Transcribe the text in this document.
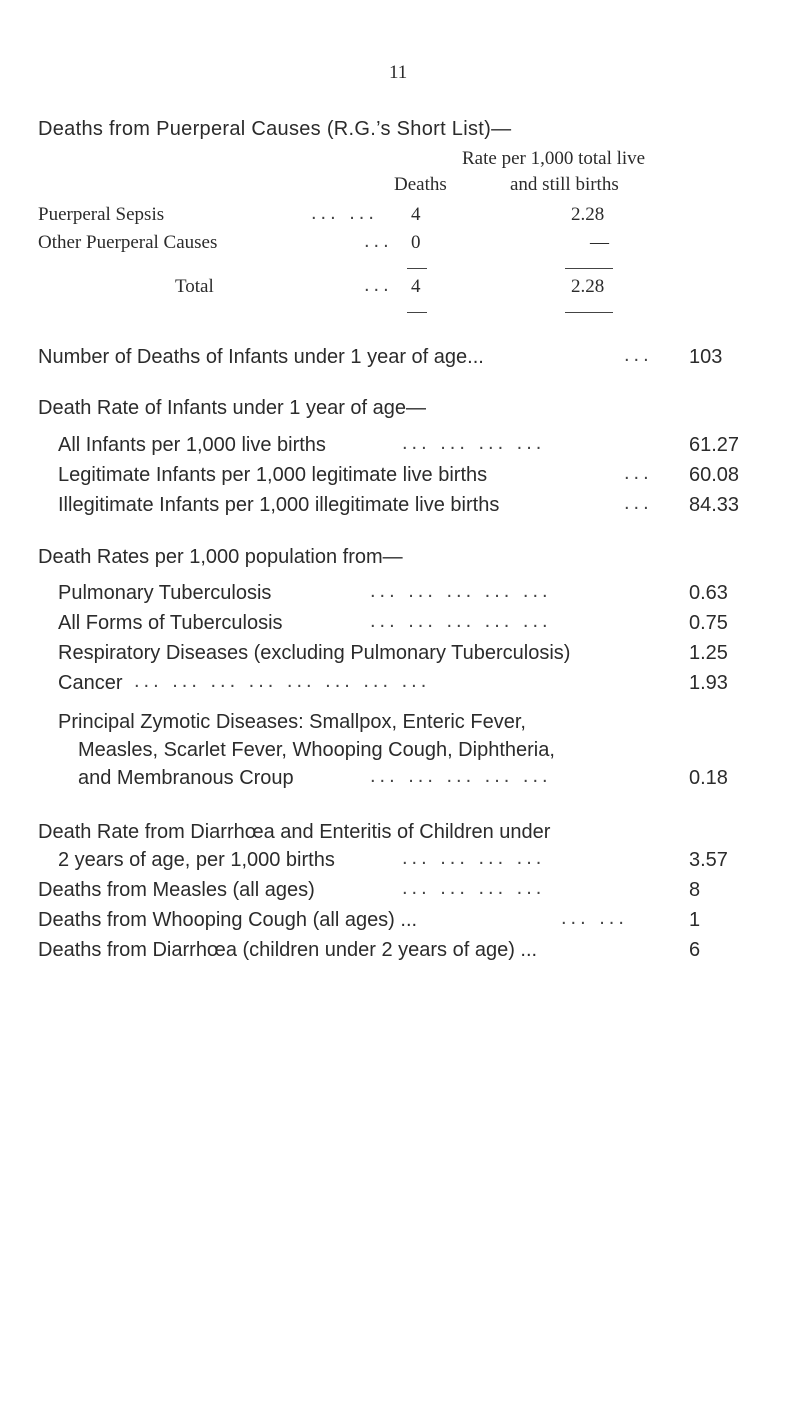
11
Deaths from Puerperal Causes (R.G.’s Short List)—
Rate per 1,000 total live
Deaths	and still births
Puerperal Sepsis	... ... 4	2.28
Other Puerperal Causes	... 0	—
Total	... 4	2.28
Number of Deaths of Infants under 1 year of age...	... 103
Death Rate of Infants under 1 year of age—
All Infants per 1,000 live births	... ... ... ...	61.27
Legitimate Infants per 1,000 legitimate live births	... 60.08
Illegitimate Infants per 1,000 illegitimate live births	... 84.33
Death Rates per 1,000 population from—
Pulmonary Tuberculosis	... ... ... ... ...	0.63
All Forms of Tuberculosis	... ... ... ... ...	0.75
Respiratory Diseases (excluding Pulmonary Tuberculosis)	1.25
Cancer ... ... ... ... ... ... ... ...	1.93
Principal Zymotic Diseases: Smallpox, Enteric Fever,
Measles, Scarlet Fever, Whooping Cough, Diphtheria,
and Membranous Croup	... ... ... ... ...	0.18
Death Rate from Diarrhœa and Enteritis of Children under
2 years of age, per 1,000 births	... ... ... ...	3.57
Deaths from Measles (all ages)	... ... ... ...	8
Deaths from Whooping Cough (all ages) ...	... ...	1
Deaths from Diarrhœa (children under 2 years of age) ...	6
